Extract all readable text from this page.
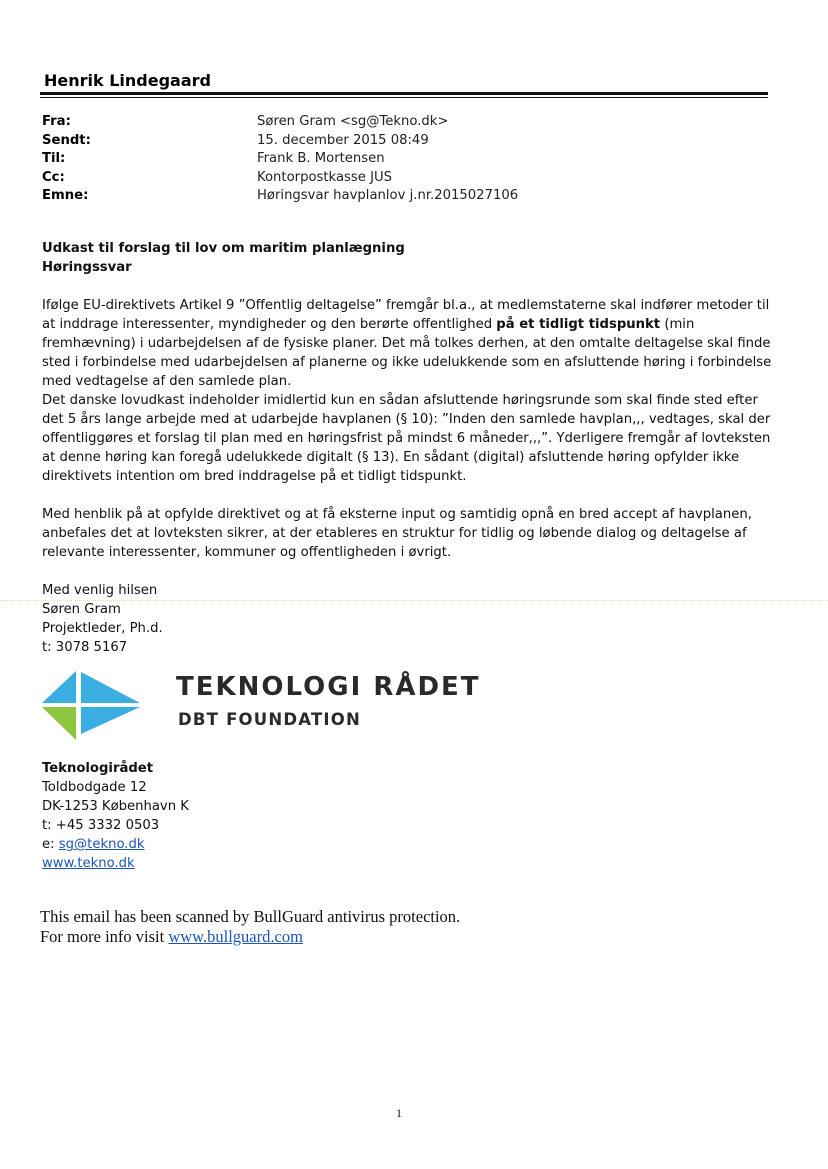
Henrik Lindegaard
Fra:	Søren Gram <sg@Tekno.dk>
Sendt:	15. december 2015 08:49
Til:	Frank B. Mortensen
Cc:	Kontorpostkasse JUS
Emne:	Høringsvar havplanlov j.nr.2015027106

Udkast til forslag til lov om maritim planlægning

Høringssvar

Ifølge EU-direktivets Artikel 9 ”Offentlig deltagelse” fremgår bl.a., at medlemstaterne skal indfører metoder til at inddrage interessenter, myndigheder og den berørte offentlighed på et tidligt tidspunkt (min fremhævning) i udarbejdelsen af de fysiske planer. Det må tolkes derhen, at den omtalte deltagelse skal finde sted i forbindelse med udarbejdelsen af planerne og ikke udelukkende som en afsluttende høring i forbindelse med vedtagelse af den samlede plan.

Det danske lovudkast indeholder imidlertid kun en sådan afsluttende høringsrunde som skal finde sted efter det 5 års lange arbejde med at udarbejde havplanen (§ 10): ”Inden den samlede havplan,,, vedtages, skal der offentliggøres et forslag til plan med en høringsfrist på mindst 6 måneder,,,”. Yderligere fremgår af lovteksten at denne høring kan foregå udelukkede digitalt (§ 13). En sådant (digital) afsluttende høring opfylder ikke direktivets intention om bred inddragelse på et tidligt tidspunkt.

Med henblik på at opfylde direktivet og at få eksterne input og samtidig opnå en bred accept af havplanen, anbefales det at lovteksten sikrer, at der etableres en struktur for tidlig og løbende dialog og deltagelse af relevante interessenter, kommuner og offentligheden i øvrigt.

Med venlig hilsen

Søren Gram

Projektleder, Ph.d.

t: 3078 5167

TEKNOLOGI RÅDET
DBT FOUNDATION
Teknologirådet
Toldbodgade 12
DK-1253 København K
t: +45 3332 0503
e: sg@tekno.dk
www.tekno.dk
This email has been scanned by BullGuard antivirus protection.
For more info visit www.bullguard.com
1
